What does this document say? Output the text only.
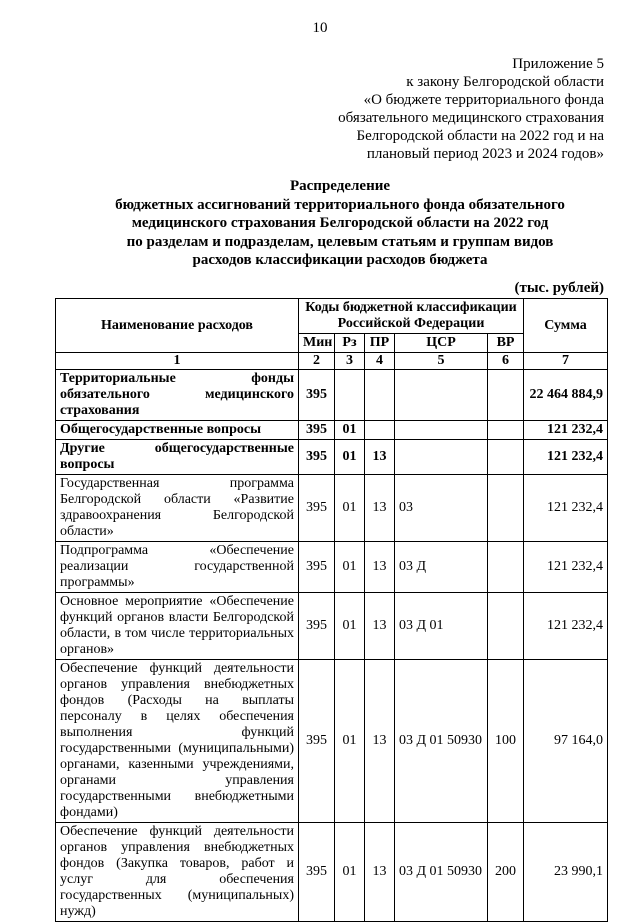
10
Приложение 5
к закону Белгородской области
«О бюджете территориального фонда
обязательного медицинского страхования
Белгородской области на 2022 год и на
плановый период 2023 и 2024 годов»
Распределение
бюджетных ассигнований территориального фонда обязательного
медицинского страхования Белгородской области на 2022 год
по разделам и подразделам, целевым статьям и группам видов
расходов классификации расходов бюджета
(тыс. рублей)
Наименование расходов	Коды бюджетной классификации Российской Федерации					Сумма
	Мин	Рз	ПР	ЦСР	ВР	
1	2	3	4	5	6	7
Территориальные фонды обязательного медицинского страхования	395					22 464 884,9
Общегосударственные вопросы	395	01				121 232,4
Другие общегосударственные вопросы	395	01	13			121 232,4
Государственная программа Белгородской области «Развитие здравоохранения Белгородской области»	395	01	13	03		121 232,4
Подпрограмма «Обеспечение реализации государственной программы»	395	01	13	03 Д		121 232,4
Основное мероприятие «Обеспечение функций органов власти Белгородской области, в том числе территориальных органов»	395	01	13	03 Д 01		121 232,4
Обеспечение функций деятельности органов управления внебюджетных фондов (Расходы на выплаты персоналу в целях обеспечения выполнения функций государственными (муниципальными) органами, казенными учреждениями, органами управления государственными внебюджетными фондами)	395	01	13	03 Д 01 50930	100	97 164,0
Обеспечение функций деятельности органов управления внебюджетных фондов (Закупка товаров, работ и услуг для обеспечения государственных (муниципальных) нужд)	395	01	13	03 Д 01 50930	200	23 990,1
